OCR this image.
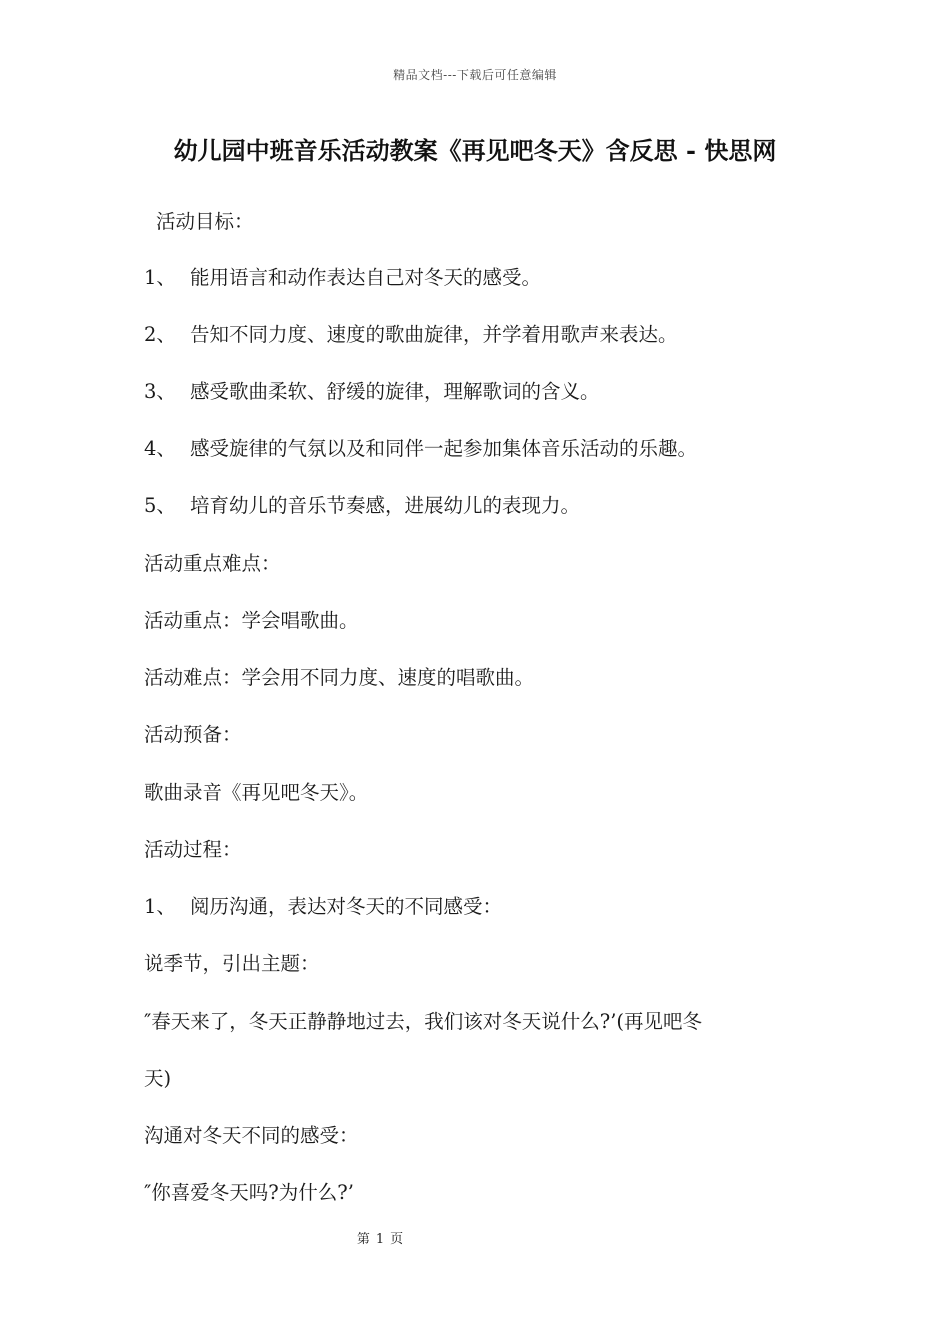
精品文档---下载后可任意编辑
幼儿园中班音乐活动教案《再见吧冬天》含反思 - 快思网
活动目标：
1、 能用语言和动作表达自己对冬天的感受。
2、 告知不同力度、速度的歌曲旋律，并学着用歌声来表达。
3、 感受歌曲柔软、舒缓的旋律，理解歌词的含义。
4、 感受旋律的气氛以及和同伴一起参加集体音乐活动的乐趣。
5、 培育幼儿的音乐节奏感，进展幼儿的表现力。
活动重点难点：
活动重点：学会唱歌曲。
活动难点：学会用不同力度、速度的唱歌曲。
活动预备：
歌曲录音《再见吧冬天》。
活动过程：
1、 阅历沟通，表达对冬天的不同感受：
说季节，引出主题：
″春天来了，冬天正静静地过去，我们该对冬天说什么?’(再见吧冬
天)
沟通对冬天不同的感受：
″你喜爱冬天吗?为什么?’
第 1 页
